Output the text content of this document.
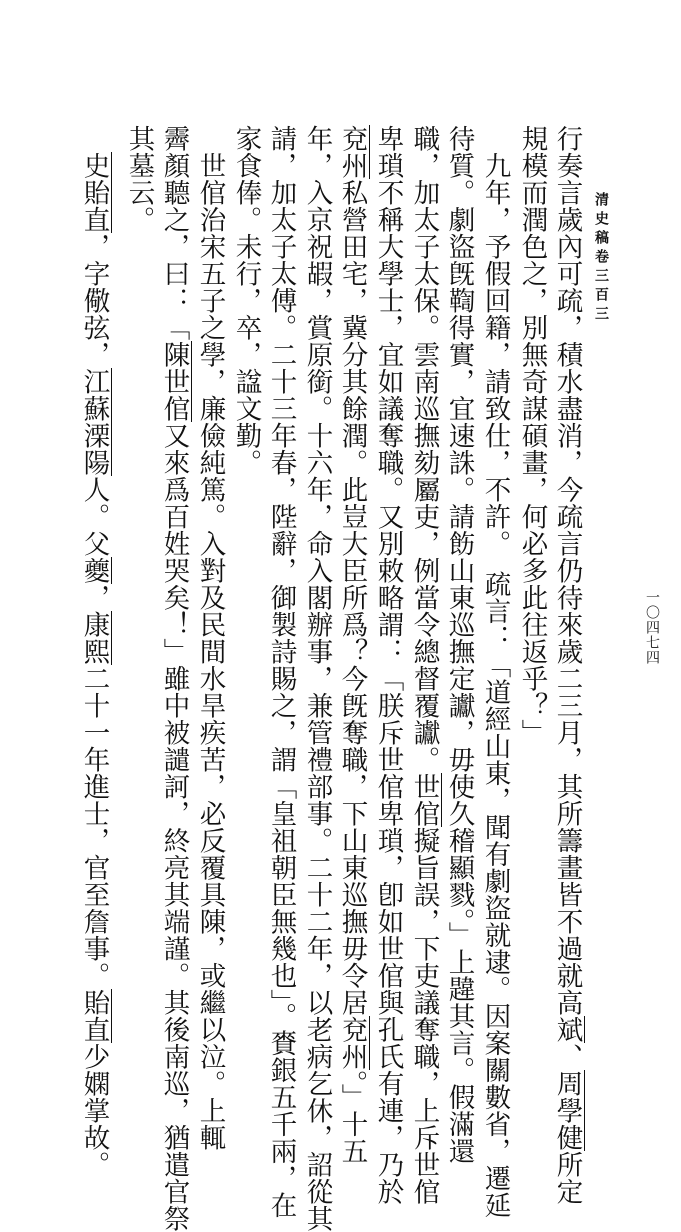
清史稿卷三百三
一〇四七四
行奏言歲內可疏，積水盡消，今疏言仍待來歲二三月，其所籌畫皆不過就高斌、周學健所定
規模而潤色之，別無奇謀碩畫，何必多此往返乎？」
　九年，予假回籍，請致仕，不許。　疏言：「道經山東，聞有劇盜就逮。因案關數省，遷延
待質。劇盜旣鞫得實，宜速誅。請飭山東巡撫定讞，毋使久稽顯戮。」上韙其言。假滿還
職，加太子太保。雲南巡撫劾屬吏，例當令總督覆讞。世倌擬旨誤，下吏議奪職，上斥世倌
卑瑣不稱大學士，宜如議奪職。又別敕略謂：「朕斥世倌卑瑣，卽如世倌與孔氏有連，乃於
兗州私營田宅，冀分其餘潤。此豈大臣所爲？今旣奪職，下山東巡撫毋令居兗州。」十五
年，入京祝嘏，賞原銜。十六年，命入閣辦事，兼管禮部事。二十二年，以老病乞休，詔從其
請，加太子太傅。二十三年春，陛辭，御製詩賜之，謂「皇祖朝臣無幾也」。賚銀五千兩，在
家食俸。未行，卒，諡文勤。
　世倌治宋五子之學，廉儉純篤。入對及民間水旱疾苦，必反覆具陳，或繼以泣。上輒
霽顏聽之，曰：「陳世倌又來爲百姓哭矣！」雖中被譴訶，終亮其端謹。其後南巡，猶遣官祭
其墓云。
　史貽直，字儆弦，江蘇溧陽人。父夔，康熙二十一年進士，官至詹事。貽直少嫻掌故。
